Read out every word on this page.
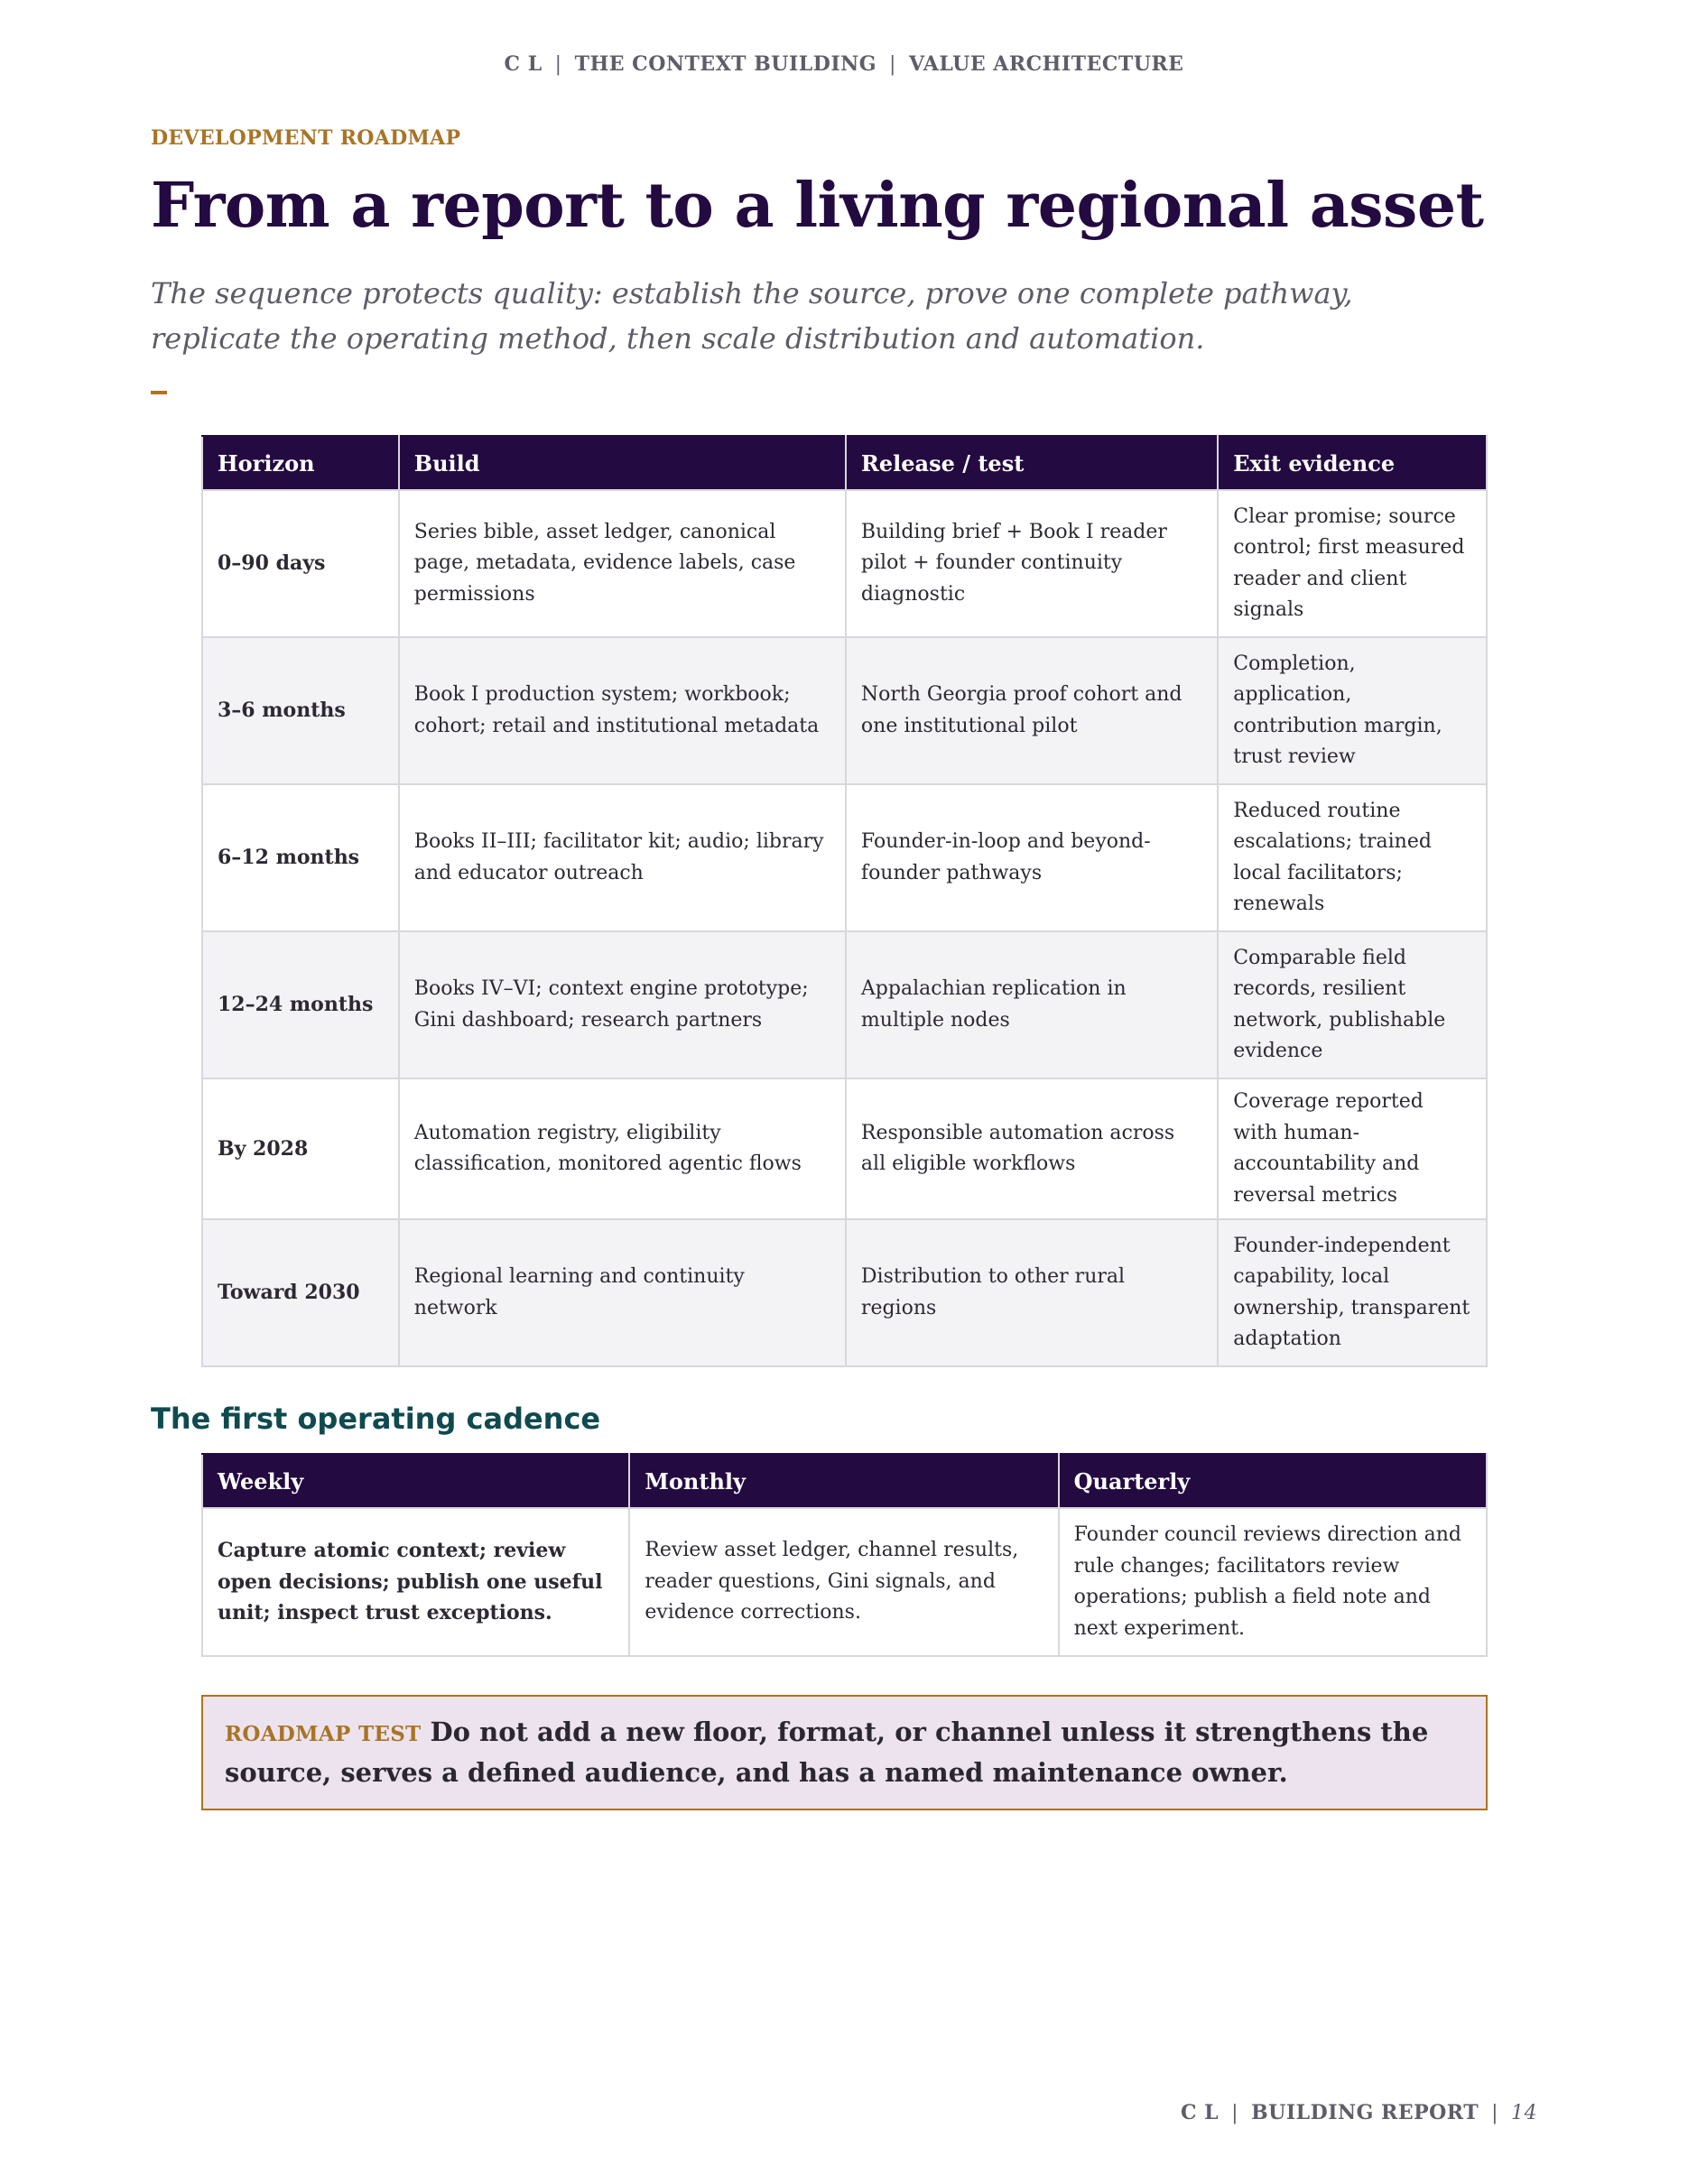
C L | THE CONTEXT BUILDING | VALUE ARCHITECTURE
DEVELOPMENT ROADMAP
From a report to a living regional asset

The sequence protects quality: establish the source, prove one complete pathway, replicate the operating method, then scale distribution and automation.

Horizon	Build	Release / test	Exit evidence
0–90 days	Series bible, asset ledger, canonical page, metadata, evidence labels, case permissions	Building brief + Book I reader pilot + founder continuity diagnostic	Clear promise; source control; first measured reader and client signals
3–6 months	Book I production system; workbook; cohort; retail and institutional metadata	North Georgia proof cohort and one institutional pilot	Completion, application, contribution margin, trust review
6–12 months	Books II–III; facilitator kit; audio; library and educator outreach	Founder-in-loop and beyond-founder pathways	Reduced routine escalations; trained local facilitators; renewals
12–24 months	Books IV–VI; context engine prototype; Gini dashboard; research partners	Appalachian replication in multiple nodes	Comparable field records, resilient network, publishable evidence
By 2028	Automation registry, eligibility classification, monitored agentic flows	Responsible automation across all eligible workflows	Coverage reported with human-accountability and reversal metrics
Toward 2030	Regional learning and continuity network	Distribution to other rural regions	Founder-independent capability, local ownership, transparent adaptation
The first operating cadence
Weekly	Monthly	Quarterly
Capture atomic context; review open decisions; publish one useful unit; inspect trust exceptions.	Review asset ledger, channel results, reader questions, Gini signals, and evidence corrections.	Founder council reviews direction and rule changes; facilitators review operations; publish a field note and next experiment.
ROADMAP TEST Do not add a new floor, format, or channel unless it strengthens the source, serves a defined audience, and has a named maintenance owner.
C L | BUILDING REPORT | 14
